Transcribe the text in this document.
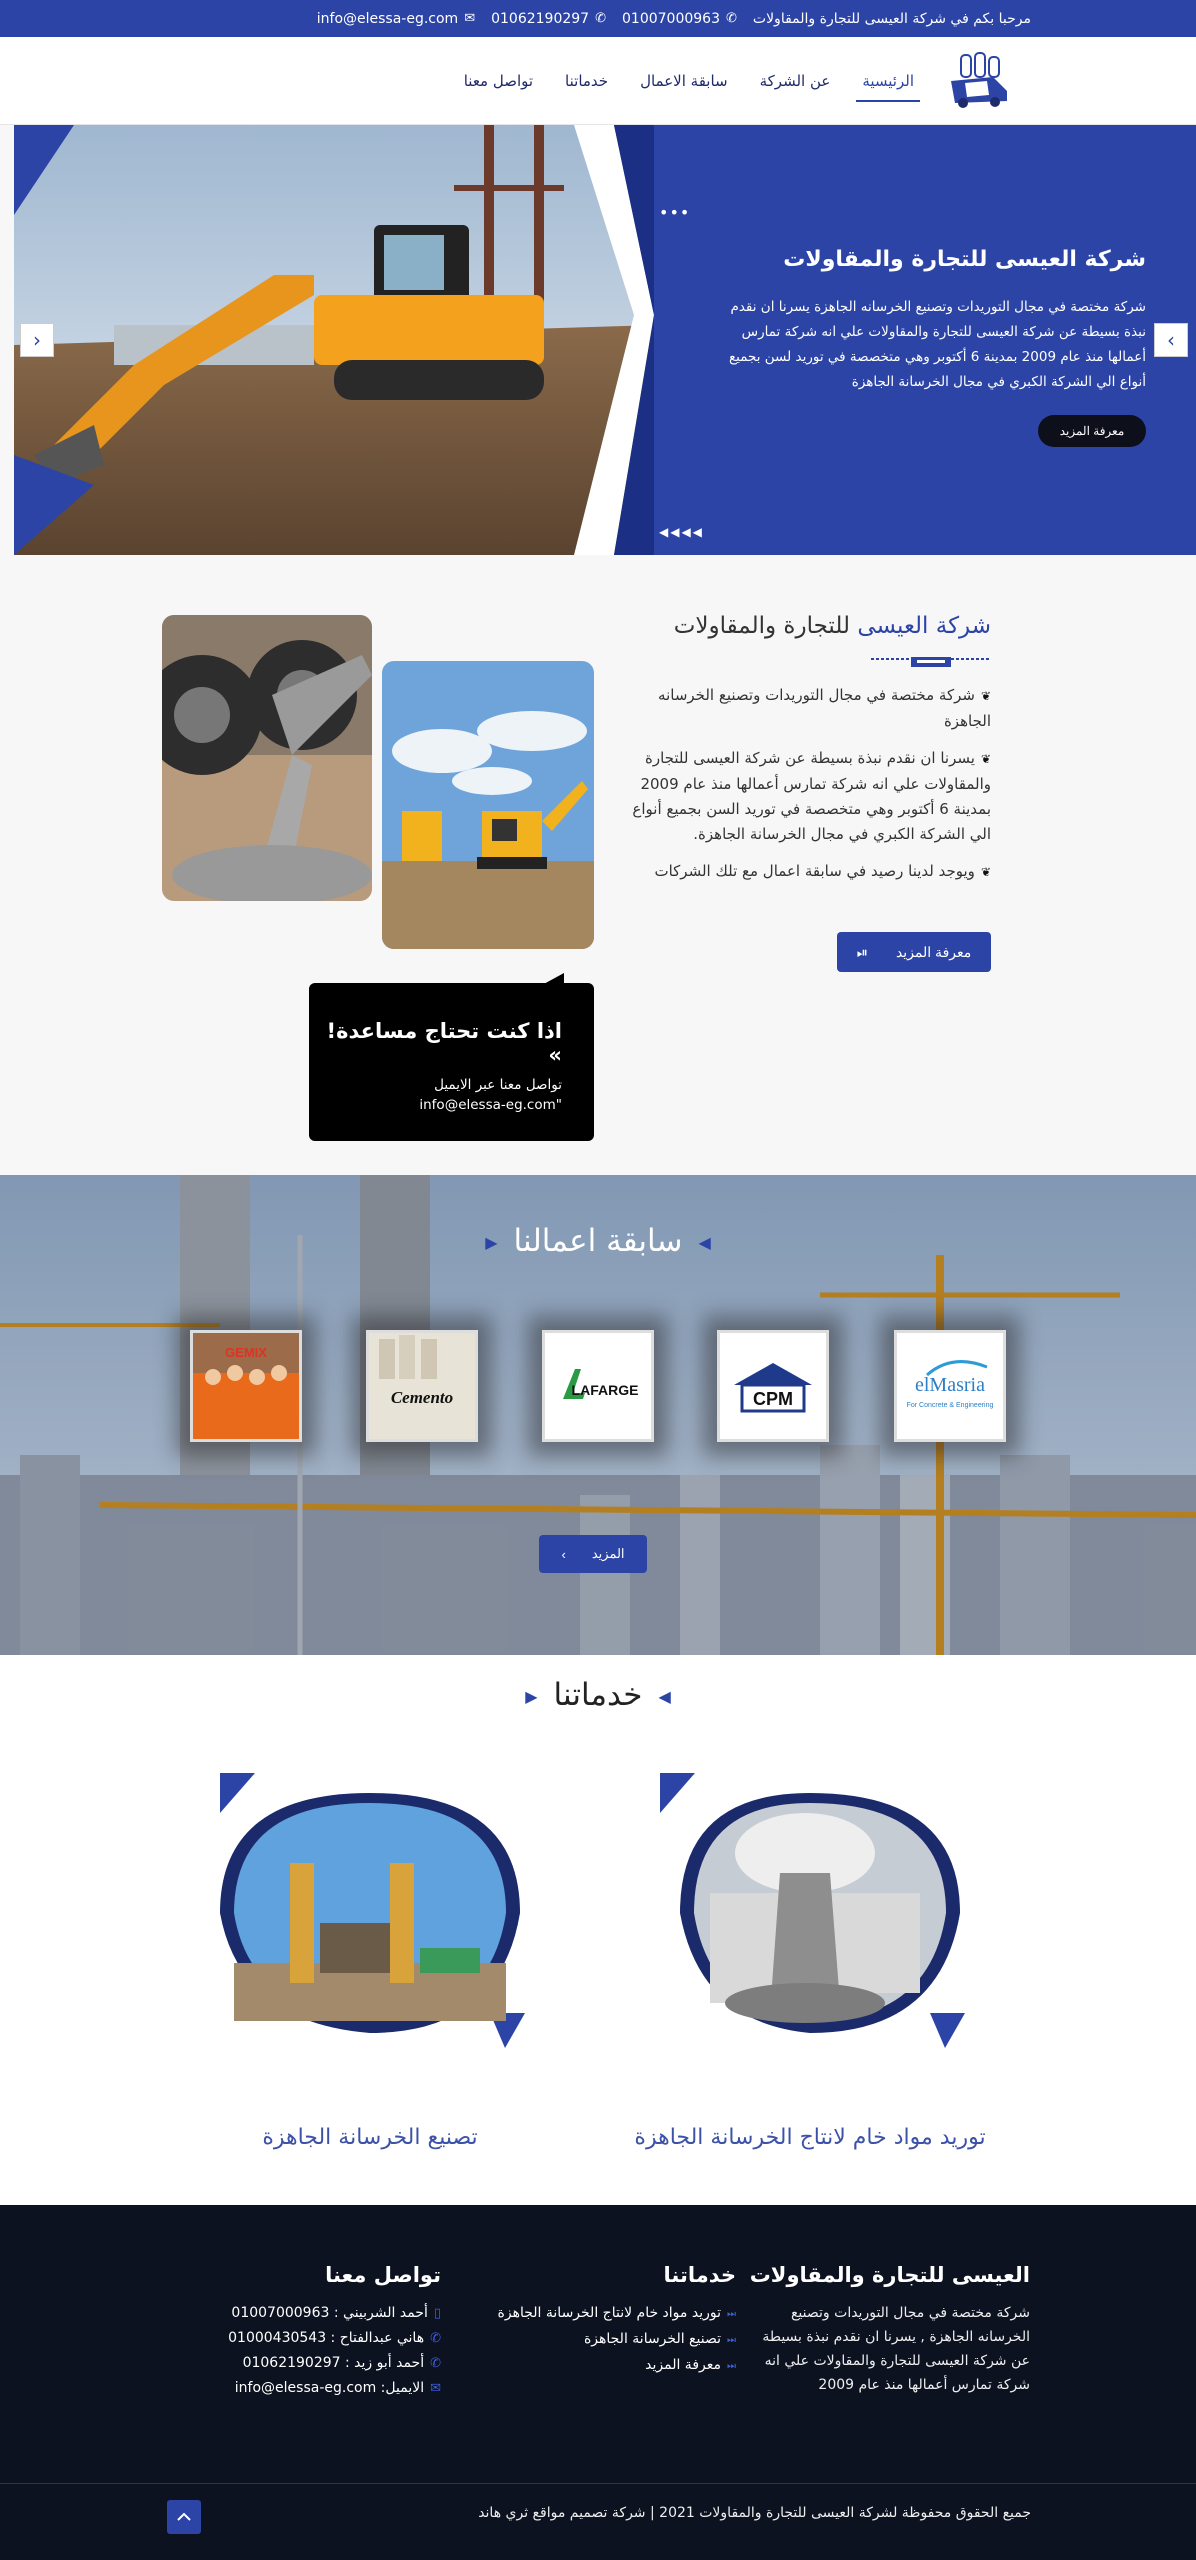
مرحبا بكم في شركة العيسى للتجارة والمقاولات
✆
01007000963
✆
01062190297
✉
info@elessa-eg.com
الرئيسية
عن الشركة
سابقة الاعمال
خدماتنا
تواصل معنا
•••
شركة العيسى للتجارة والمقاولات
شركة مختصة في مجال التوريدات وتصنيع الخرسانه الجاهزة يسرنا ان نقدم نبذة بسيطة عن شركة العيسى للتجارة والمقاولات علي انه شركة تمارس أعمالها منذ عام 2009 بمدينة 6 أكتوبر وهي متخصصة في توريد لسن بجميع أنواع الي الشركة الكبري في مجال الخرسانة الجاهزة
معرفة المزيد
◀◀◀◀
‹	›
شركة العيسى للتجارة والمقاولات
❦شركة مختصة في مجال التوريدات وتصنيع الخرسانه الجاهزة
❦يسرنا ان نقدم نبذة بسيطة عن شركة العيسى للتجارة والمقاولات علي انه شركة تمارس أعمالها منذ عام 2009 بمدينة 6 أكتوبر وهي متخصصة في توريد السن بجميع أنواع الي الشركة الكبري في مجال الخرسانة الجاهزة.
❦ويوجد لدينا رصيد في سابقة اعمال مع تلك الشركات
معرفة المزيد
⏯
اذا كنت تحتاج مساعدة! »
تواصل معنا عبر الايميل
"info@elessa-eg.com
◀سابقة اعمالنا▶
elMasria
For Concrete & Engineering
CPM
LAFARGE
Cemento
GEMIX
المزيد
›
◀خدماتنا▶
توريد مواد خام لانتاج الخرسانة الجاهزة
تصنيع الخرسانة الجاهزة
العيسى للتجارة والمقاولات
شركة مختصة في مجال التوريدات وتصنيع الخرسانه الجاهزة , يسرنا ان نقدم نبذة بسيطة عن شركة العيسى للتجارة والمقاولات علي انه شركة تمارس أعمالها منذ عام 2009
خدماتنا
⏭توريد مواد خام لانتاج الخرسانة الجاهزة
⏭تصنيع الخرسانة الجاهزة
⏭معرفة المزيد
تواصل معنا
▯أحمد الشربيني : 01007000963
✆هاني عبدالفتاح : 01000430543
✆أحمد أبو زيد : 01062190297
✉الايميل: info@elessa-eg.com
جميع الحقوق محفوظة لشركة العيسى للتجارة والمقاولات 2021 | شركة تصميم مواقع ثري هاند
